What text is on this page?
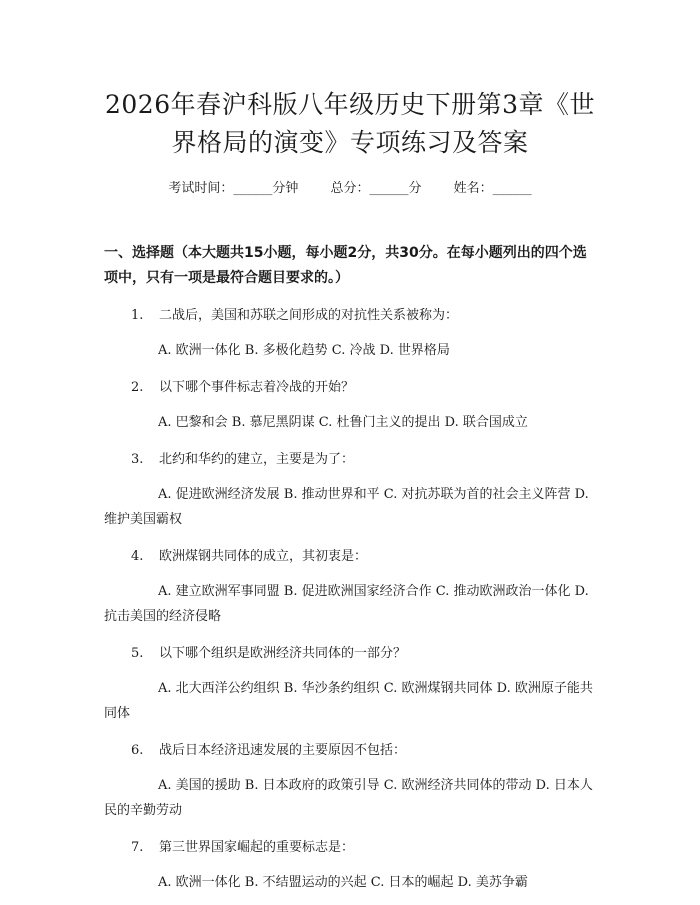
2026年春沪科版八年级历史下册第3章《世
界格局的演变》专项练习及答案
考试时间：______分钟 总分：______分 姓名：______
一、选择题（本大题共15小题，每小题2分，共30分。在每小题列出的四个选项中，只有一项是最符合题目要求的。）
1. 二战后，美国和苏联之间形成的对抗性关系被称为：
A. 欧洲一体化 B. 多极化趋势 C. 冷战 D. 世界格局
2. 以下哪个事件标志着冷战的开始？
A. 巴黎和会 B. 慕尼黑阴谋 C. 杜鲁门主义的提出 D. 联合国成立
3. 北约和华约的建立，主要是为了：
A. 促进欧洲经济发展 B. 推动世界和平 C. 对抗苏联为首的社会主义阵营 D. 维护美国霸权
4. 欧洲煤钢共同体的成立，其初衷是：
A. 建立欧洲军事同盟 B. 促进欧洲国家经济合作 C. 推动欧洲政治一体化 D. 抗击美国的经济侵略
5. 以下哪个组织是欧洲经济共同体的一部分？
A. 北大西洋公约组织 B. 华沙条约组织 C. 欧洲煤钢共同体 D. 欧洲原子能共同体
6. 战后日本经济迅速发展的主要原因不包括：
A. 美国的援助 B. 日本政府的政策引导 C. 欧洲经济共同体的带动 D. 日本人民的辛勤劳动
7. 第三世界国家崛起的重要标志是：
A. 欧洲一体化 B. 不结盟运动的兴起 C. 日本的崛起 D. 美苏争霸
